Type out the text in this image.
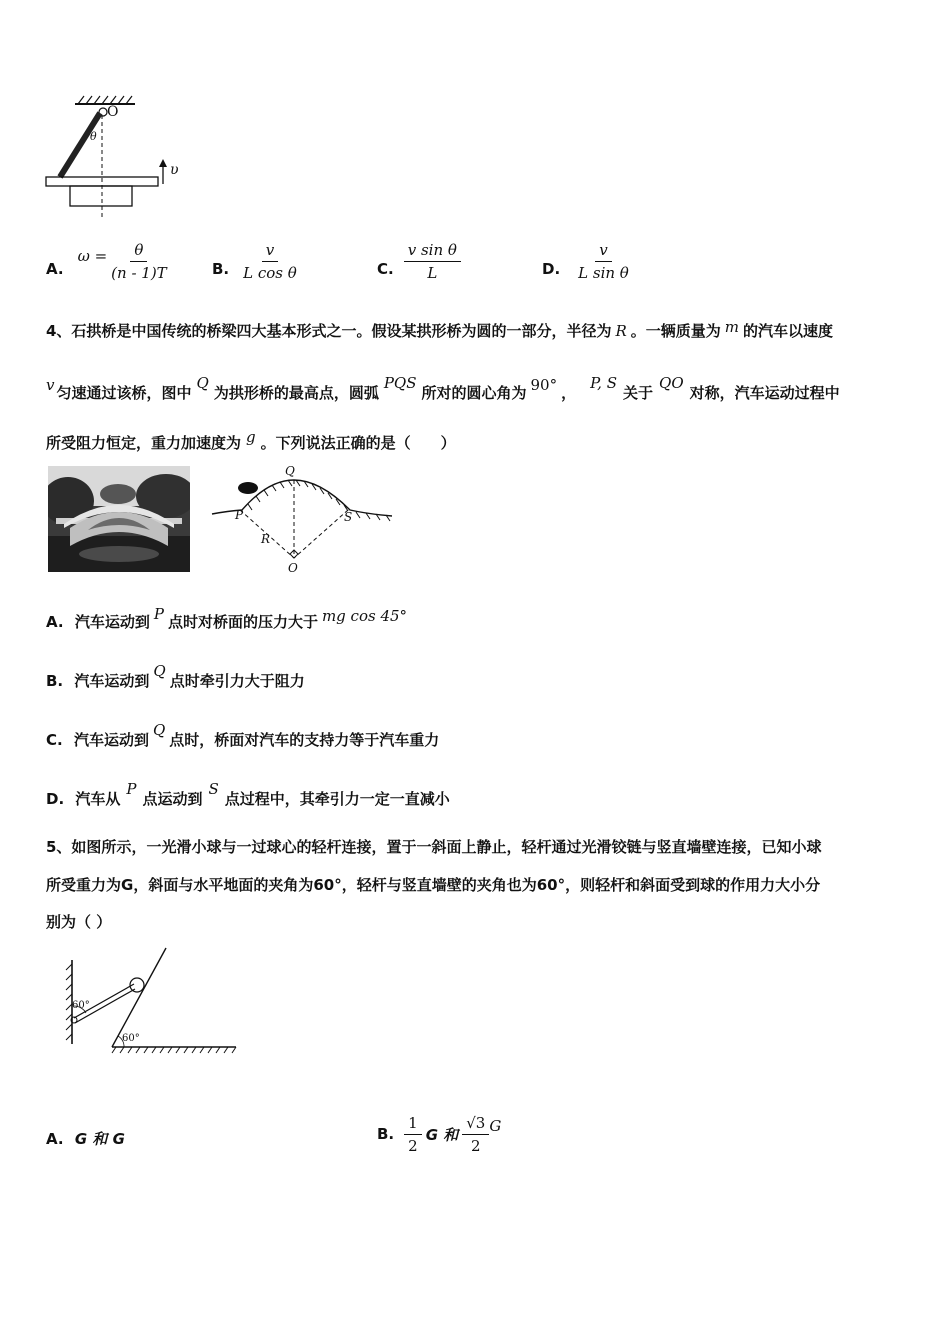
O
θ
υ
A.
$\omega = \frac{\theta}{(n - 1)T}$	B. $\frac{v}{\text{L cos θ}}$	C. $\frac{\text{v sin θ}}{L}$	D. $\frac{v}{\text{L sin θ}}$
4、石拱桥是中国传统的桥梁四大基本形式之一。假设某拱形桥为圆的一部分，半径为 R 。一辆质量为 m 的汽车以速度
v 匀速通过该桥，图中Q为拱形桥的最高点，圆弧PQS所对的圆心角为 90° ，P, S关于QO对称，汽车运动过程中
所受阻力恒定，重力加速度为 g 。下列说法正确的是（　　）
Q
P	S
R
O
A. 汽车运动到 P 点时对桥面的压力大于 mg cos 45°
B. 汽车运动到Q点时牵引力大于阻力
C. 汽车运动到Q点时，桥面对汽车的支持力等于汽车重力
D. 汽车从P点运动到S点过程中，其牵引力一定一直减小
5、如图所示，一光滑小球与一过球心的轻杆连接，置于一斜面上静止，轻杆通过光滑铰链与竖直墙壁连接，已知小球
所受重力为G，斜面与水平地面的夹角为60°，轻杆与竖直墙壁的夹角也为60°，则轻杆和斜面受到球的作用力大小分
别为（ ）
60°
60°
A. G 和 G	B. $\frac{1}{2}$ G 和 $\frac{√3}{2}$ G
